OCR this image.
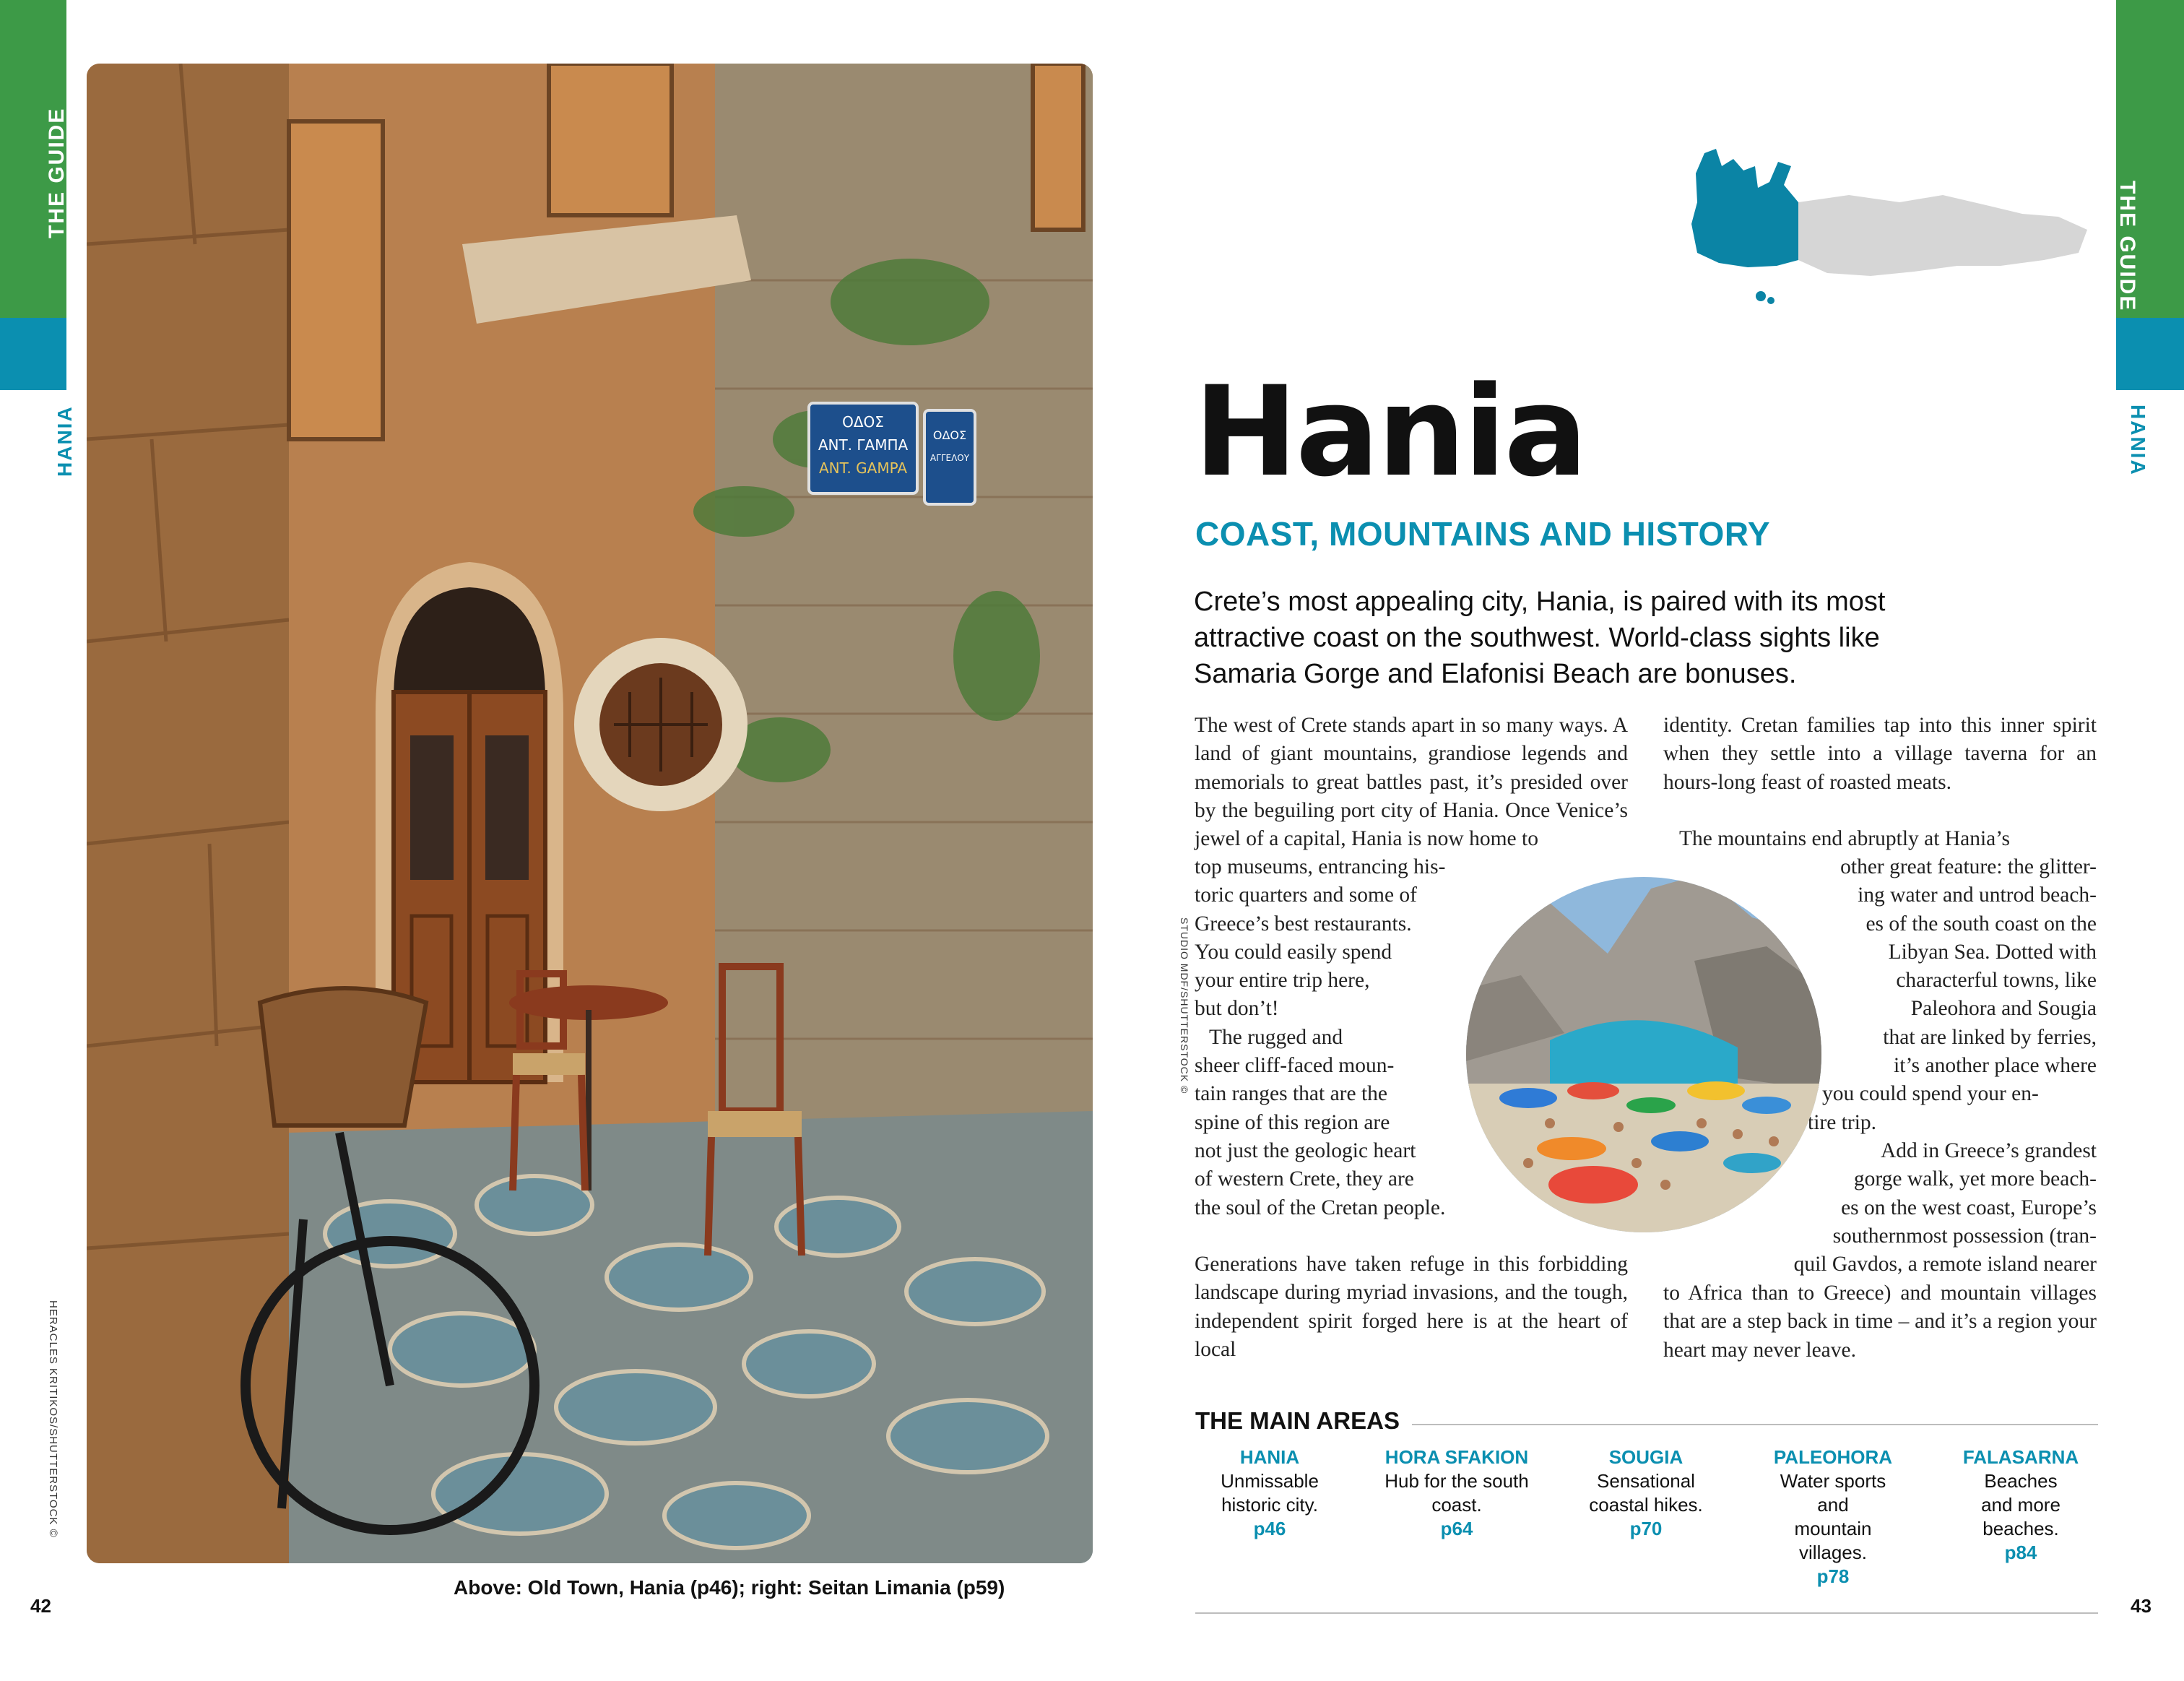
THE GUIDE
HANIA	ΟΔΟΣ
ΑΝΤ. ΓΑΜΠΑ
ANT. GAMPA
ΟΔΟΣ
ΑΓΓΕΛΟΥ
HERACLES KRITIKOS/SHUTTERSTOCK ©
Above: Old Town, Hania (p46); right: Seitan Limania (p59)
42
THE GUIDE
HANIA
Hania
COAST, MOUNTAINS AND HISTORY
Crete’s most appealing city, Hania, is paired with its most attractive coast on the southwest. World-class sights like Samaria Gorge and Elafonisi Beach are bonuses.
The west of Crete stands apart in so many ways. A land of giant mountains, grandiose legends and memorials to great battles past, it’s presided over by the beguiling port city of Hania. Once Venice’s jewel of a capital, Hania is now home to
top museums, entrancing his-
toric quarters and some of
Greece’s best restaurants.
You could easily spend
your entire trip here,
but don’t!
The rugged and
sheer cliff-faced moun-
tain ranges that are the
spine of this region are
not just the geologic heart
of western Crete, they are
the soul of the Cretan people.
Generations have taken refuge in this forbidding landscape during myriad invasions, and the tough, independent spirit forged here is at the heart of local
identity. Cretan families tap into this inner spirit when they settle into a village taverna for an hours-long feast of roasted meats.
The mountains end abruptly at Hania’s
other great feature: the glitter-
ing water and untrod beach-
es of the south coast on the
Libyan Sea. Dotted with
characterful towns, like
Paleohora and Sougia
that are linked by ferries,
it’s another place where
you could spend your en-
tire trip.
Add in Greece’s grandest
gorge walk, yet more beach-
es on the west coast, Europe’s
southernmost possession (tran-
quil Gavdos, a remote island nearer
to Africa than to Greece) and mountain villages that are a step back in time – and it’s a region your heart may never leave.
STUDIO MDF/SHUTTERSTOCK ©
THE MAIN AREAS
HANIA
Unmissable historic city.
p46
HORA SFAKION
Hub for the south coast.
p64
SOUGIA
Sensational coastal hikes.
p70
PALEOHORA
Water sports and mountain villages.
p78
FALASARNA
Beaches and more beaches.
p84
43
